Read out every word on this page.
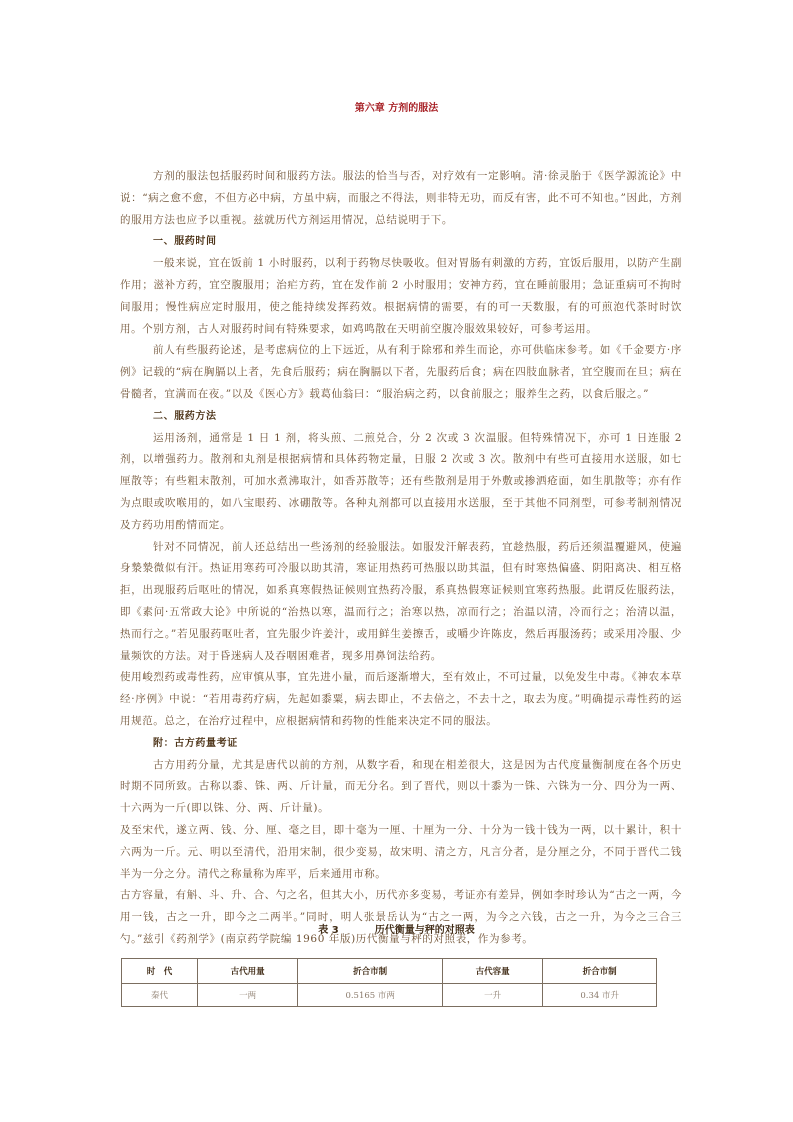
第六章 方剂的服法

方剂的服法包括服药时间和服药方法。服法的恰当与否，对疗效有一定影响。清·徐灵胎于《医学源流论》中说：“病之愈不愈，不但方必中病，方虽中病，而服之不得法，则非特无功，而反有害，此不可不知也。”因此，方剂的服用方法也应予以重视。兹就历代方剂运用情况，总结说明于下。

一、服药时间

一般来说，宜在饭前 1 小时服药，以利于药物尽快吸收。但对胃肠有刺激的方药，宜饭后服用，以防产生副作用；滋补方药，宜空腹服用；治疟方药，宜在发作前 2 小时服用；安神方药，宜在睡前服用；急证重病可不拘时间服用；慢性病应定时服用，使之能持续发挥药效。根据病情的需要，有的可一天数服，有的可煎泡代茶时时饮用。个别方剂，古人对服药时间有特殊要求，如鸡鸣散在天明前空腹冷服效果较好，可参考运用。

前人有些服药论述，是考虑病位的上下远近，从有利于除邪和养生而论，亦可供临床参考。如《千金要方·序例》记载的“病在胸膈以上者，先食后服药；病在胸膈以下者，先服药后食；病在四肢血脉者，宜空腹而在旦；病在骨髓者，宜满而在夜。”以及《医心方》载葛仙翁曰：“服治病之药，以食前服之；服养生之药，以食后服之。”

二、服药方法

运用汤剂，通常是 1 日 1 剂，将头煎、二煎兑合，分 2 次或 3 次温服。但特殊情况下，亦可 1 日连服 2 剂，以增强药力。散剂和丸剂是根据病情和具体药物定量，日服 2 次或 3 次。散剂中有些可直接用水送服，如七厘散等；有些粗末散剂，可加水煮沸取汁，如香苏散等；还有些散剂是用于外敷或掺洒疮面，如生肌散等；亦有作为点眼或吹喉用的，如八宝眼药、冰硼散等。各种丸剂都可以直接用水送服，至于其他不同剂型，可参考制剂情况及方药功用酌情而定。

针对不同情况，前人还总结出一些汤剂的经验服法。如服发汗解表药，宜趁热服，药后还须温覆避风，使遍身漐漐微似有汗。热证用寒药可冷服以助其清，寒证用热药可热服以助其温，但有时寒热偏盛、阴阳离决、相互格拒，出现服药后呕吐的情况，如系真寒假热证候则宜热药冷服，系真热假寒证候则宜寒药热服。此谓反佐服药法，即《素问·五常政大论》中所说的“治热以寒，温而行之；治寒以热，凉而行之；治温以清，冷而行之；治清以温，热而行之。”若见服药呕吐者，宜先服少许姜汁，或用鲜生姜擦舌，或嚼少许陈皮，然后再服汤药；或采用冷服、少量频饮的方法。对于昏迷病人及吞咽困难者，现多用鼻饲法给药。

使用峻烈药或毒性药，应审慎从事，宜先进小量，而后逐渐增大，至有效止，不可过量，以免发生中毒。《神农本草经·序例》中说：“若用毒药疗病，先起如黍粟，病去即止，不去倍之，不去十之，取去为度。”明确提示毒性药的运用规范。总之，在治疗过程中，应根据病情和药物的性能来决定不同的服法。

附：古方药量考证

古方用药分量，尤其是唐代以前的方剂，从数字看，和现在相差很大，这是因为古代度量衡制度在各个历史时期不同所致。古称以黍、铢、两、斤计量，而无分名。到了晋代，则以十黍为一铢、六铢为一分、四分为一两、十六两为一斤(即以铢、分、两、斤计量)。

及至宋代，遂立两、钱、分、厘、毫之目，即十毫为一厘、十厘为一分、十分为一钱十钱为一两，以十累计，积十六两为一斤。元、明以至清代，沿用宋制，很少变易，故宋明、清之方，凡言分者，是分厘之分，不同于晋代二钱半为一分之分。清代之称量称为库平，后来通用市称。

古方容量，有斛、斗、升、合、勺之名，但其大小，历代亦多变易，考证亦有差异，例如李时珍认为“古之一两，今用一钱，古之一升，即今之二两半。”同时，明人张景岳认为“古之一两，为今之六钱，古之一升，为今之三合三勺。”兹引《药剂学》(南京药学院编 1960 年版)历代衡量与秤的对照表，作为参考。

表 3	历代衡量与秤的对照表
时　代	古代用量	折合市制	古代容量	折合市制
秦代	一两	0.5165 市两	一升	0.34 市升
